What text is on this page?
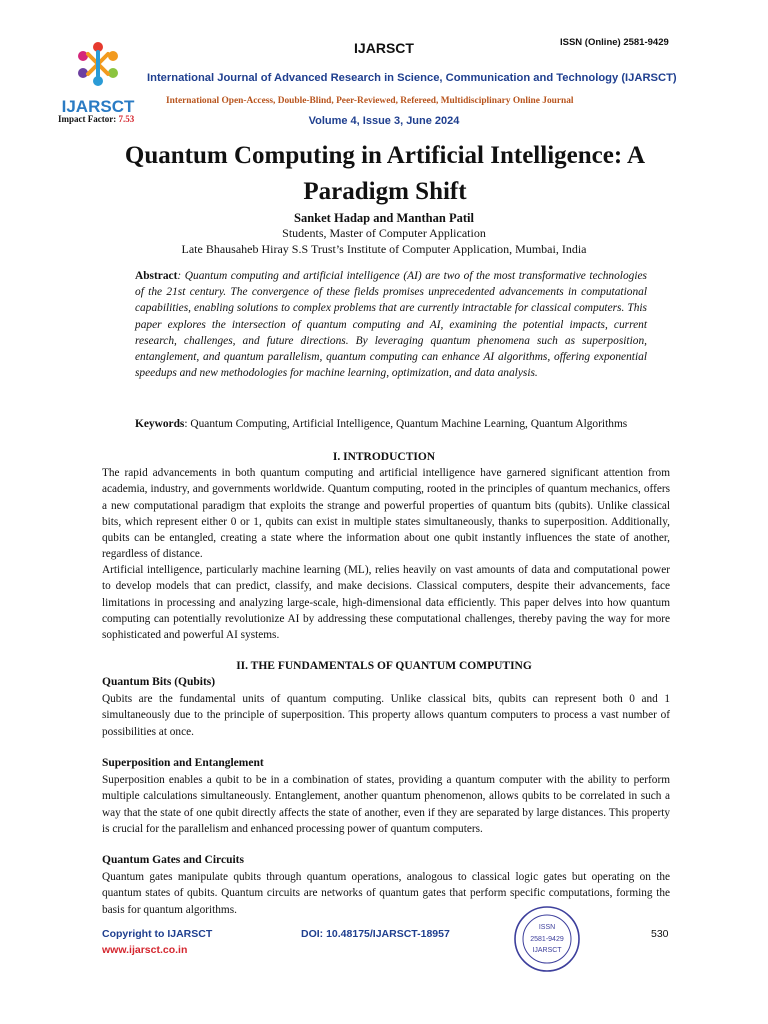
IJARSCT
IJARSCT	ISSN (Online) 2581-9429
International Journal of Advanced Research in Science, Communication and Technology (IJARSCT)
International Open-Access, Double-Blind, Peer-Reviewed, Refereed, Multidisciplinary Online Journal
Impact Factor: 7.53	Volume 4, Issue 3, June 2024
Quantum Computing in Artificial Intelligence: A Paradigm Shift
Sanket Hadap and Manthan Patil
Students, Master of Computer Application
Late Bhausaheb Hiray S.S Trust’s Institute of Computer Application, Mumbai, India
Abstract: Quantum computing and artificial intelligence (AI) are two of the most transformative technologies of the 21st century. The convergence of these fields promises unprecedented advancements in computational capabilities, enabling solutions to complex problems that are currently intractable for classical computers. This paper explores the intersection of quantum computing and AI, examining the potential impacts, current research, challenges, and future directions. By leveraging quantum phenomena such as superposition, entanglement, and quantum parallelism, quantum computing can enhance AI algorithms, offering exponential speedups and new methodologies for machine learning, optimization, and data analysis.
Keywords: Quantum Computing, Artificial Intelligence, Quantum Machine Learning, Quantum Algorithms
I. INTRODUCTION
The rapid advancements in both quantum computing and artificial intelligence have garnered significant attention from academia, industry, and governments worldwide. Quantum computing, rooted in the principles of quantum mechanics, offers a new computational paradigm that exploits the strange and powerful properties of quantum bits (qubits). Unlike classical bits, which represent either 0 or 1, qubits can exist in multiple states simultaneously, thanks to superposition. Additionally, qubits can be entangled, creating a state where the information about one qubit instantly influences the state of another, regardless of distance.
Artificial intelligence, particularly machine learning (ML), relies heavily on vast amounts of data and computational power to develop models that can predict, classify, and make decisions. Classical computers, despite their advancements, face limitations in processing and analyzing large-scale, high-dimensional data efficiently. This paper delves into how quantum computing can potentially revolutionize AI by addressing these computational challenges, thereby paving the way for more sophisticated and powerful AI systems.
II. THE FUNDAMENTALS OF QUANTUM COMPUTING
Quantum Bits (Qubits)
Qubits are the fundamental units of quantum computing. Unlike classical bits, qubits can represent both 0 and 1 simultaneously due to the principle of superposition. This property allows quantum computers to process a vast number of possibilities at once.
Superposition and Entanglement
Superposition enables a qubit to be in a combination of states, providing a quantum computer with the ability to perform multiple calculations simultaneously. Entanglement, another quantum phenomenon, allows qubits to be correlated in such a way that the state of one qubit directly affects the state of another, even if they are separated by large distances. This property is crucial for the parallelism and enhanced processing power of quantum computers.
Quantum Gates and Circuits
Quantum gates manipulate qubits through quantum operations, analogous to classical logic gates but operating on the quantum states of qubits. Quantum circuits are networks of quantum gates that perform specific computations, forming the basis for quantum algorithms.
Copyright to IJARSCT
www.ijarsct.co.in
DOI: 10.48175/IJARSCT-18957	530
ISSN
2581-9429
IJARSCT
